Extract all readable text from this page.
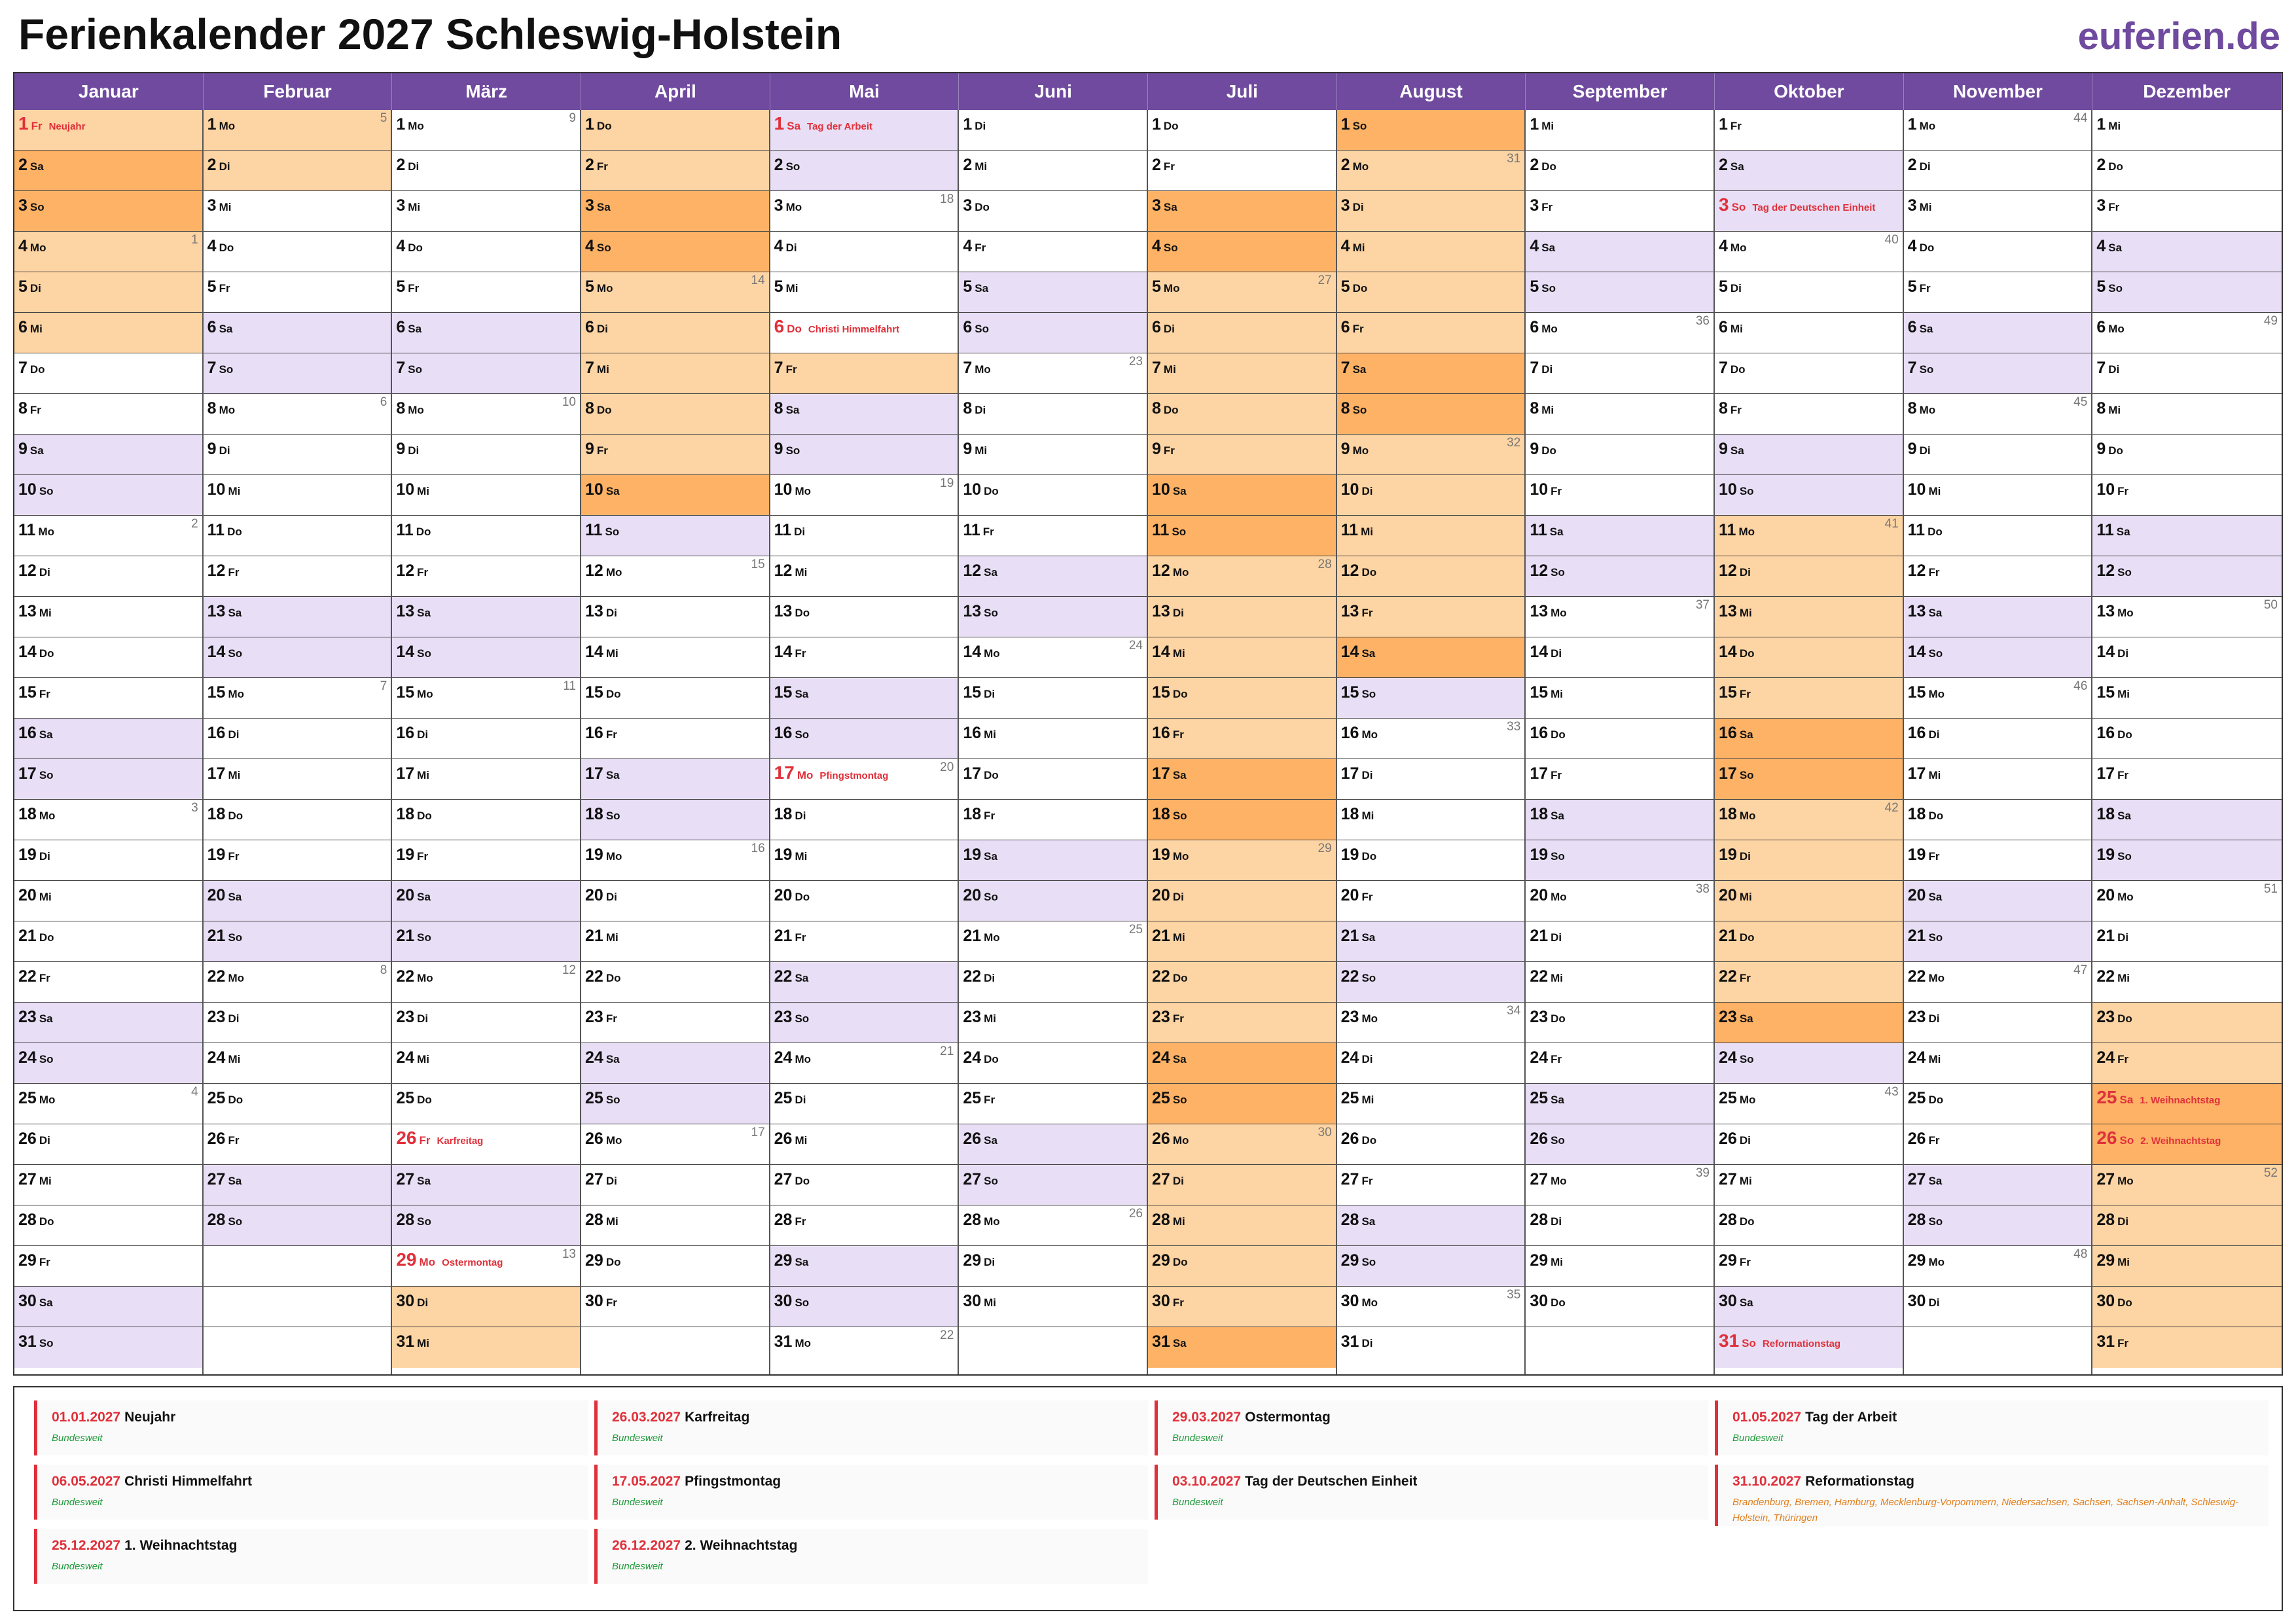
Ferienkalender 2027 Schleswig-Holstein	euferien.de
Januar
1 Fr Neujahr
2 Sa
3 So
4 Mo
1
5 Di
6 Mi
7 Do
8 Fr
9 Sa
10 So
11 Mo
2
12 Di
13 Mi
14 Do
15 Fr
16 Sa
17 So
18 Mo
3
19 Di
20 Mi
21 Do
22 Fr
23 Sa
24 So
25 Mo
4
26 Di
27 Mi
28 Do
29 Fr
30 Sa
31 So
Februar
1 Mo
5
2 Di
3 Mi
4 Do
5 Fr
6 Sa
7 So
8 Mo
6
9 Di
10 Mi
11 Do
12 Fr
13 Sa
14 So
15 Mo
7
16 Di
17 Mi
18 Do
19 Fr
20 Sa
21 So
22 Mo
8
23 Di
24 Mi
25 Do
26 Fr
27 Sa
28 So
März
1 Mo
9
2 Di
3 Mi
4 Do
5 Fr
6 Sa
7 So
8 Mo
10
9 Di
10 Mi
11 Do
12 Fr
13 Sa
14 So
15 Mo
11
16 Di
17 Mi
18 Do
19 Fr
20 Sa
21 So
22 Mo
12
23 Di
24 Mi
25 Do
26 Fr Karfreitag
27 Sa
28 So
29 Mo Ostermontag
13
30 Di
31 Mi
April
1 Do
2 Fr
3 Sa
4 So
5 Mo
14
6 Di
7 Mi
8 Do
9 Fr
10 Sa
11 So
12 Mo
15
13 Di
14 Mi
15 Do
16 Fr
17 Sa
18 So
19 Mo
16
20 Di
21 Mi
22 Do
23 Fr
24 Sa
25 So
26 Mo
17
27 Di
28 Mi
29 Do
30 Fr
Mai
1 Sa Tag der Arbeit
2 So
3 Mo
18
4 Di
5 Mi
6 Do Christi Himmelfahrt
7 Fr
8 Sa
9 So
10 Mo
19
11 Di
12 Mi
13 Do
14 Fr
15 Sa
16 So
17 Mo Pfingstmontag
20
18 Di
19 Mi
20 Do
21 Fr
22 Sa
23 So
24 Mo
21
25 Di
26 Mi
27 Do
28 Fr
29 Sa
30 So
31 Mo
22
Juni
1 Di
2 Mi
3 Do
4 Fr
5 Sa
6 So
7 Mo
23
8 Di
9 Mi
10 Do
11 Fr
12 Sa
13 So
14 Mo
24
15 Di
16 Mi
17 Do
18 Fr
19 Sa
20 So
21 Mo
25
22 Di
23 Mi
24 Do
25 Fr
26 Sa
27 So
28 Mo
26
29 Di
30 Mi
Juli
1 Do
2 Fr
3 Sa
4 So
5 Mo
27
6 Di
7 Mi
8 Do
9 Fr
10 Sa
11 So
12 Mo
28
13 Di
14 Mi
15 Do
16 Fr
17 Sa
18 So
19 Mo
29
20 Di
21 Mi
22 Do
23 Fr
24 Sa
25 So
26 Mo
30
27 Di
28 Mi
29 Do
30 Fr
31 Sa
August
1 So
2 Mo
31
3 Di
4 Mi
5 Do
6 Fr
7 Sa
8 So
9 Mo
32
10 Di
11 Mi
12 Do
13 Fr
14 Sa
15 So
16 Mo
33
17 Di
18 Mi
19 Do
20 Fr
21 Sa
22 So
23 Mo
34
24 Di
25 Mi
26 Do
27 Fr
28 Sa
29 So
30 Mo
35
31 Di
September
1 Mi
2 Do
3 Fr
4 Sa
5 So
6 Mo
36
7 Di
8 Mi
9 Do
10 Fr
11 Sa
12 So
13 Mo
37
14 Di
15 Mi
16 Do
17 Fr
18 Sa
19 So
20 Mo
38
21 Di
22 Mi
23 Do
24 Fr
25 Sa
26 So
27 Mo
39
28 Di
29 Mi
30 Do
Oktober
1 Fr
2 Sa
3 So Tag der Deutschen Einheit
4 Mo
40
5 Di
6 Mi
7 Do
8 Fr
9 Sa
10 So
11 Mo
41
12 Di
13 Mi
14 Do
15 Fr
16 Sa
17 So
18 Mo
42
19 Di
20 Mi
21 Do
22 Fr
23 Sa
24 So
25 Mo
43
26 Di
27 Mi
28 Do
29 Fr
30 Sa
31 So Reformationstag
November
1 Mo
44
2 Di
3 Mi
4 Do
5 Fr
6 Sa
7 So
8 Mo
45
9 Di
10 Mi
11 Do
12 Fr
13 Sa
14 So
15 Mo
46
16 Di
17 Mi
18 Do
19 Fr
20 Sa
21 So
22 Mo
47
23 Di
24 Mi
25 Do
26 Fr
27 Sa
28 So
29 Mo
48
30 Di
Dezember
1 Mi
2 Do
3 Fr
4 Sa
5 So
6 Mo
49
7 Di
8 Mi
9 Do
10 Fr
11 Sa
12 So
13 Mo
50
14 Di
15 Mi
16 Do
17 Fr
18 Sa
19 So
20 Mo
51
21 Di
22 Mi
23 Do
24 Fr
25 Sa 1. Weihnachtstag
26 So 2. Weihnachtstag
27 Mo
52
28 Di
29 Mi
30 Do
31 Fr
01.01.2027 Neujahr
Bundesweit
26.03.2027 Karfreitag
Bundesweit
29.03.2027 Ostermontag
Bundesweit
01.05.2027 Tag der Arbeit
Bundesweit
06.05.2027 Christi Himmelfahrt
Bundesweit
17.05.2027 Pfingstmontag
Bundesweit
03.10.2027 Tag der Deutschen Einheit
Bundesweit
31.10.2027 Reformationstag
Brandenburg, Bremen, Hamburg, Mecklenburg-Vorpommern, Niedersachsen, Sachsen, Sachsen-Anhalt, Schleswig-Holstein, Thüringen
25.12.2027 1. Weihnachtstag
Bundesweit
26.12.2027 2. Weihnachtstag
Bundesweit
